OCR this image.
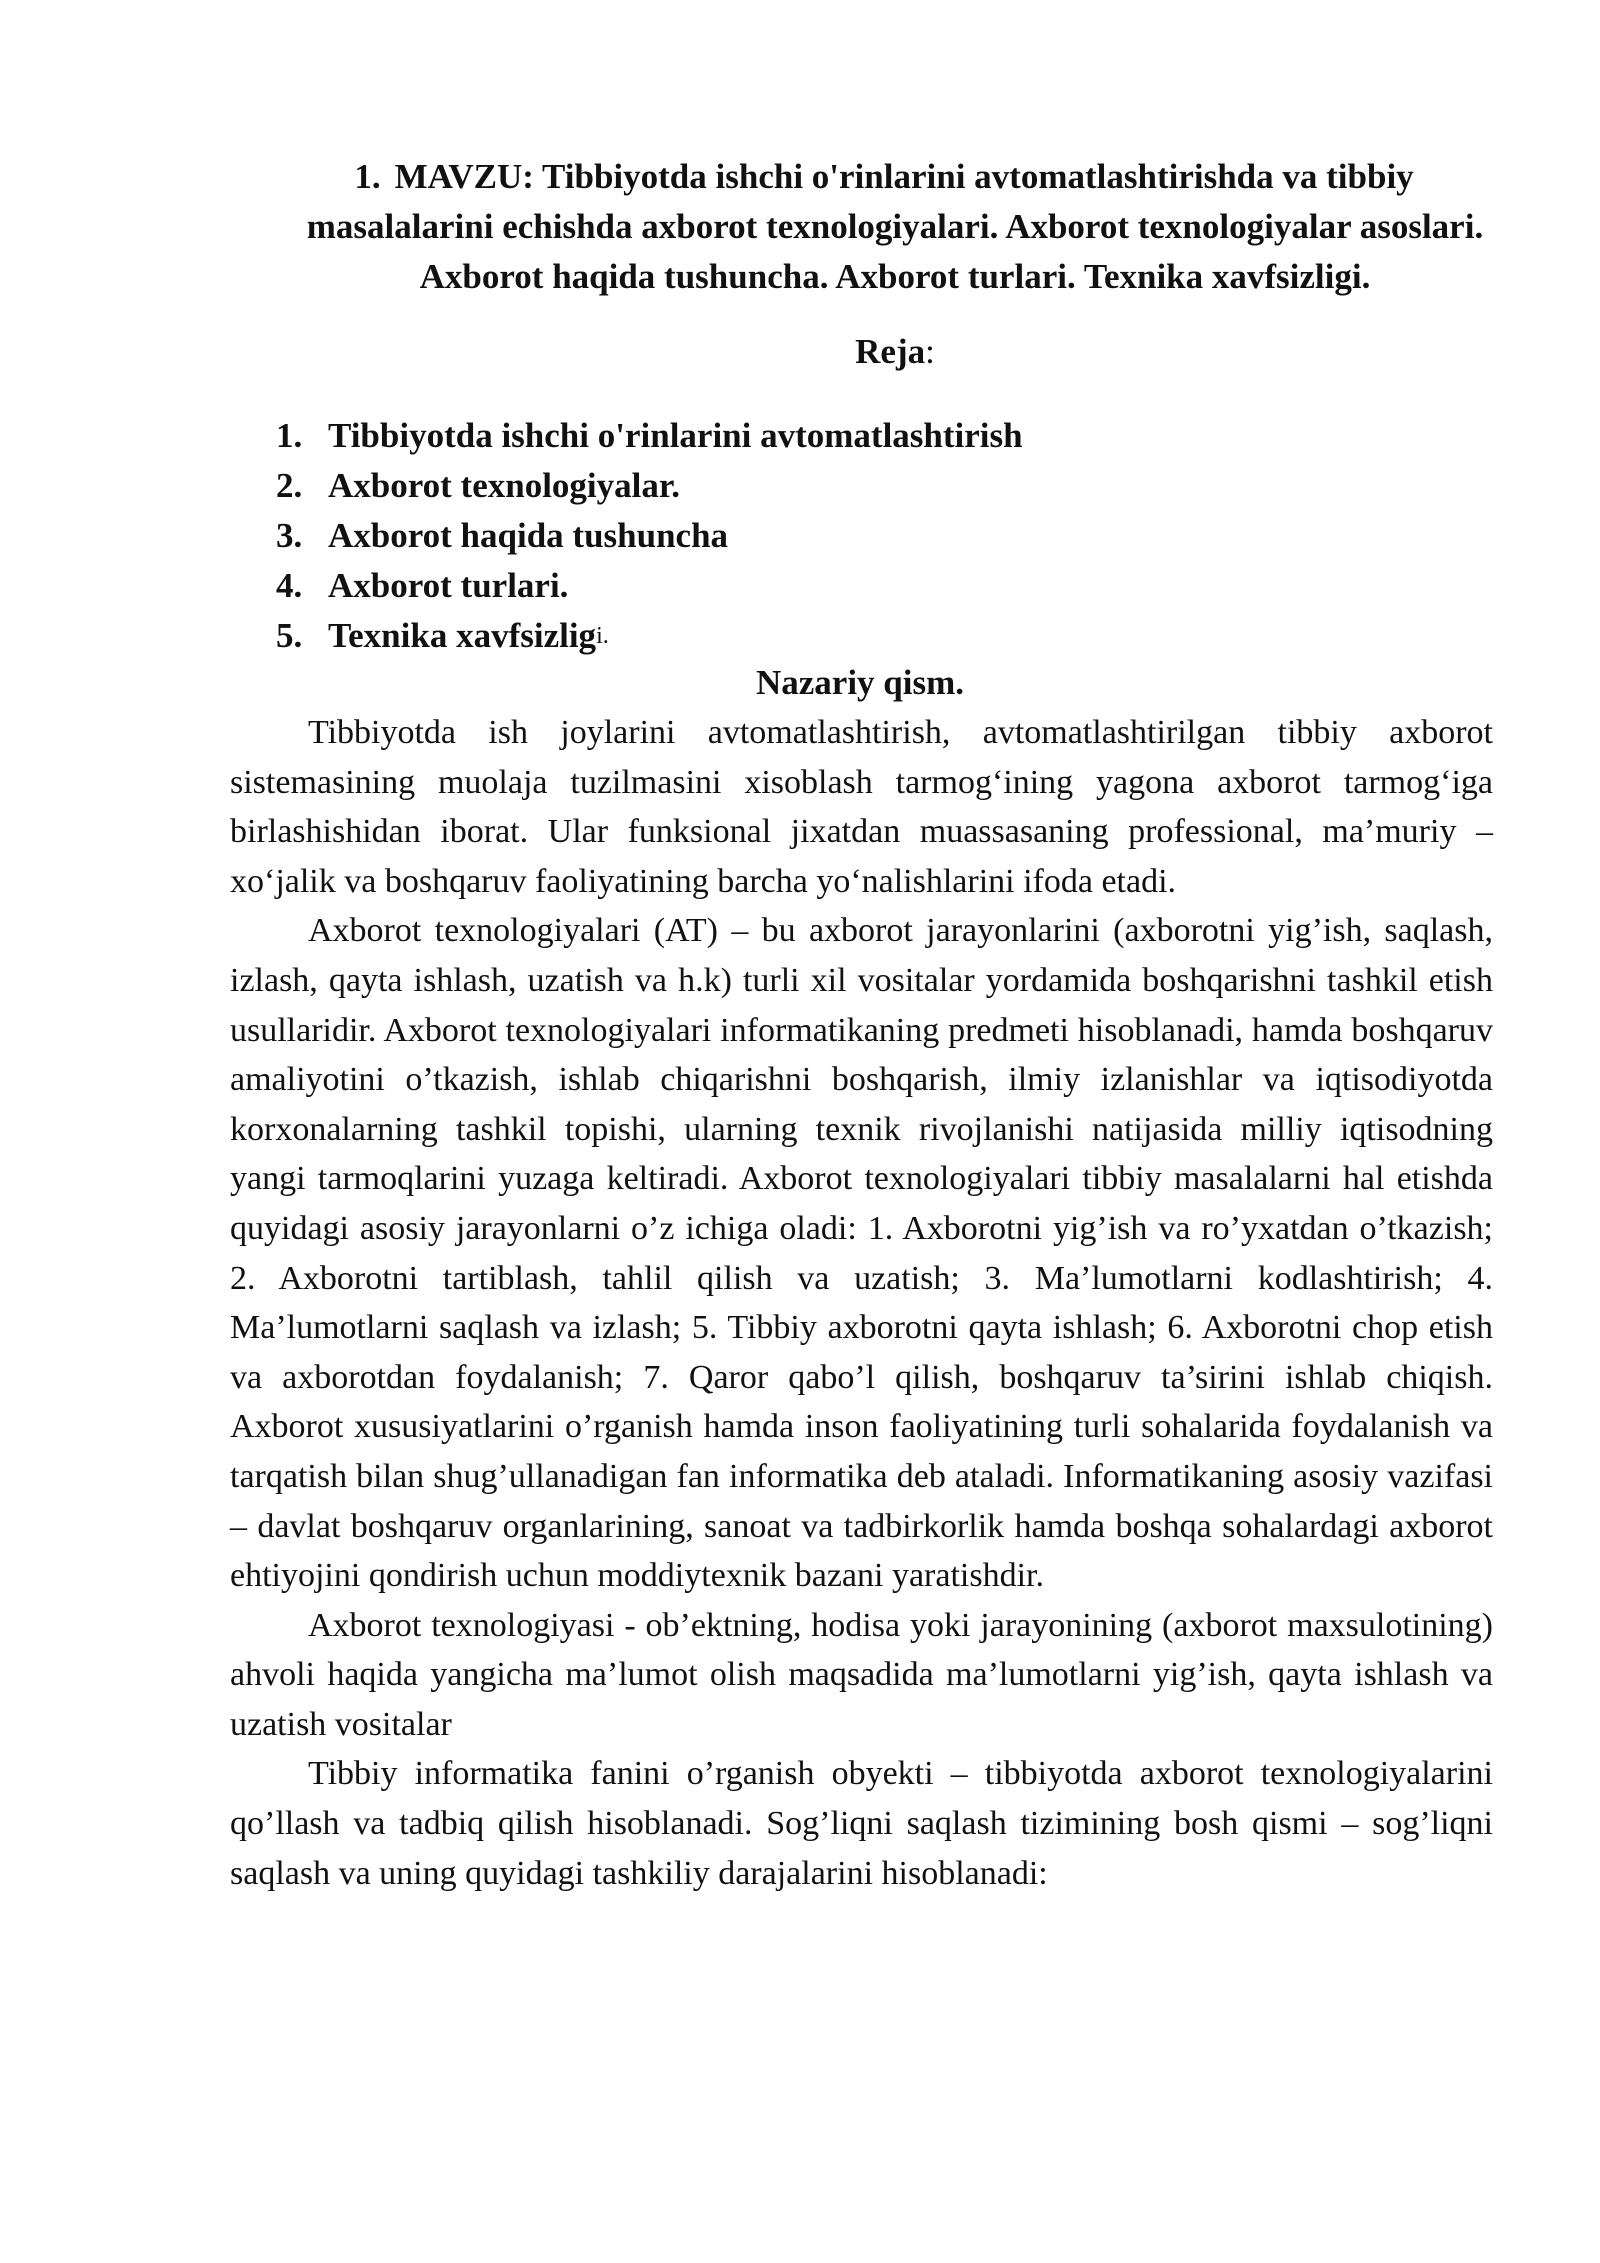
1. MAVZU: Tibbiyotda ishchi o'rinlarini avtomatlashtirishda va tibbiy masalalarini echishda axborot texnologiyalari. Axborot texnologiyalar asoslari. Axborot haqida tushuncha. Axborot turlari. Texnika xavfsizligi.
Reja:
1. Tibbiyotda ishchi o'rinlarini avtomatlashtirish
2. Axborot texnologiyalar.
3. Axborot haqida tushuncha
4. Axborot turlari.
5. Texnika xavfsizlig i.
Nazariy qism.

Tibbiyotda ish joylarini avtomatlashtirish, avtomatlashtirilgan tibbiy axborot sistemasining muolaja tuzilmasini xisoblash tarmog‘ining yagona axborot tarmog‘iga birlashishidan iborat. Ular funksional jixatdan muassasaning professional, ma’muriy – xo‘jalik va boshqaruv faoliyatining barcha yo‘nalishlarini ifoda etadi.

Axborot texnologiyalari (AT) – bu axborot jarayonlarini (axborotni yig’ish, saqlash, izlash, qayta ishlash, uzatish va h.k) turli xil vositalar yordamida boshqarishni tashkil etish usullaridir. Axborot texnologiyalari informatikaning predmeti hisoblanadi, hamda boshqaruv amaliyotini o’tkazish, ishlab chiqarishni boshqarish, ilmiy izlanishlar va iqtisodiyotda korxonalarning tashkil topishi, ularning texnik rivojlanishi natijasida milliy iqtisodning yangi tarmoqlarini yuzaga keltiradi. Axborot texnologiyalari tibbiy masalalarni hal etishda quyidagi asosiy jarayonlarni o’z ichiga oladi: 1. Axborotni yig’ish va ro’yxatdan o’tkazish; 2. Axborotni tartiblash, tahlil qilish va uzatish; 3. Ma’lumotlarni kodlashtirish; 4. Ma’lumotlarni saqlash va izlash; 5. Tibbiy axborotni qayta ishlash; 6. Axborotni chop etish va axborotdan foydalanish; 7. Qaror qabo’l qilish, boshqaruv ta’sirini ishlab chiqish. Axborot xususiyatlarini o’rganish hamda inson faoliyatining turli sohalarida foydalanish va tarqatish bilan shug’ullanadigan fan informatika deb ataladi. Informatikaning asosiy vazifasi – davlat boshqaruv organlarining, sanoat va tadbirkorlik hamda boshqa sohalardagi axborot ehtiyojini qondirish uchun moddiytexnik bazani yaratishdir.

Axborot texnologiyasi - ob’ektning, hodisa yoki jarayonining (axborot maxsulotining) ahvoli haqida yangicha ma’lumot olish maqsadida ma’lumotlarni yig’ish, qayta ishlash va uzatish vositalar

Tibbiy informatika fanini o’rganish obyekti – tibbiyotda axborot texnologiyalarini qo’llash va tadbiq qilish hisoblanadi. Sog’liqni saqlash tizimining bosh qismi – sog’liqni saqlash va uning quyidagi tashkiliy darajalarini hisoblanadi:
